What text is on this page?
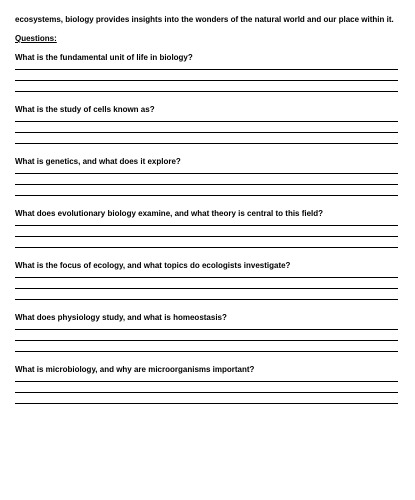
ecosystems, biology provides insights into the wonders of the natural world and our place within it.

Questions:

What is the fundamental unit of life in biology?

What is the study of cells known as?

What is genetics, and what does it explore?

What does evolutionary biology examine, and what theory is central to this field?

What is the focus of ecology, and what topics do ecologists investigate?

What does physiology study, and what is homeostasis?

What is microbiology, and why are microorganisms important?
